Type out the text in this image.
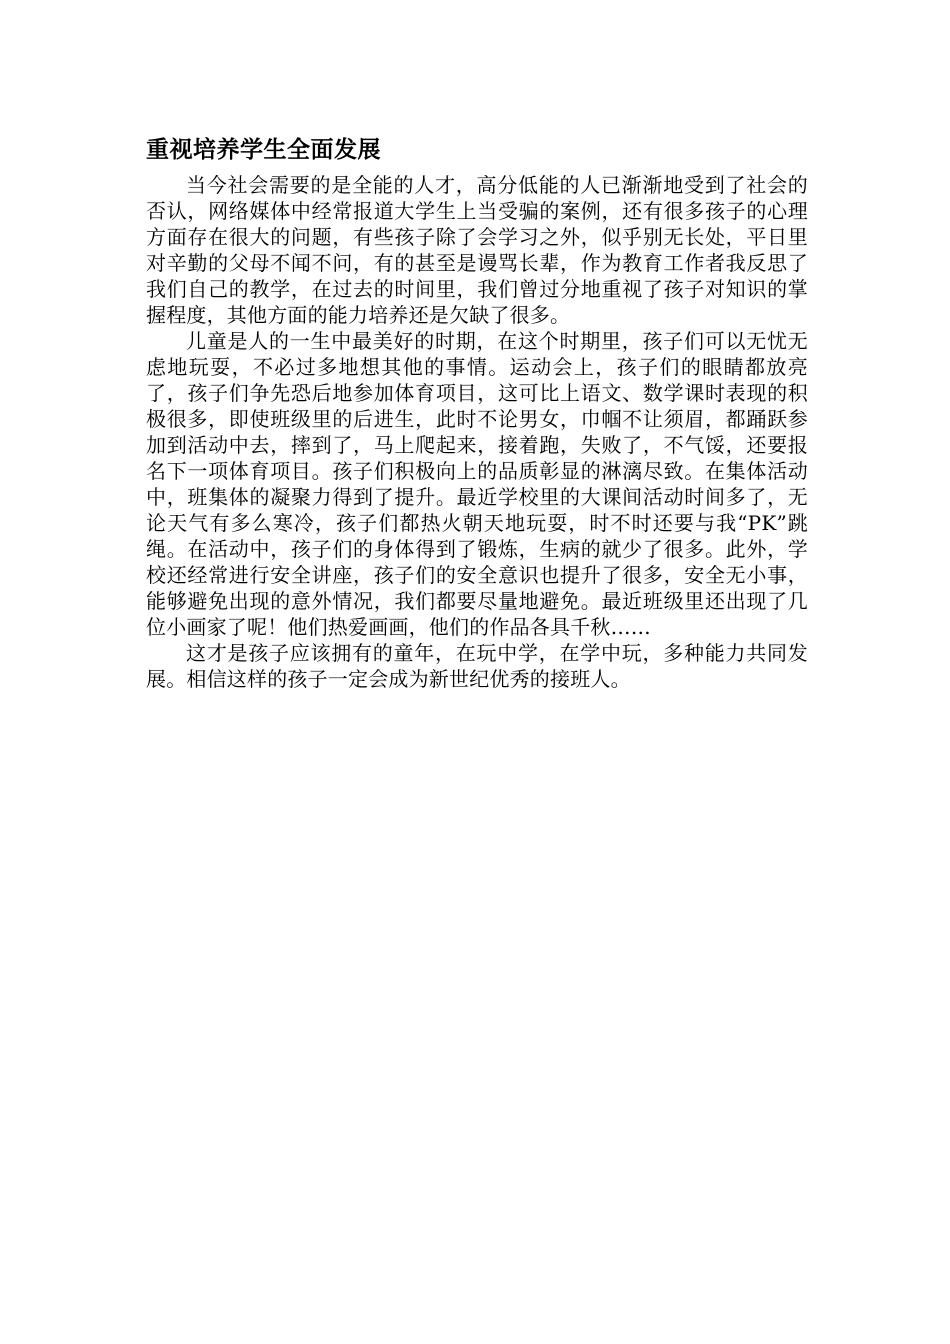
重视培养学生全面发展

当今社会需要的是全能的人才，高分低能的人已渐渐地受到了社会的否认，网络媒体中经常报道大学生上当受骗的案例，还有很多孩子的心理方面存在很大的问题，有些孩子除了会学习之外，似乎别无长处，平日里对辛勤的父母不闻不问，有的甚至是谩骂长辈，作为教育工作者我反思了我们自己的教学，在过去的时间里，我们曾过分地重视了孩子对知识的掌握程度，其他方面的能力培养还是欠缺了很多。

儿童是人的一生中最美好的时期，在这个时期里，孩子们可以无忧无虑地玩耍，不必过多地想其他的事情。运动会上，孩子们的眼睛都放亮了，孩子们争先恐后地参加体育项目，这可比上语文、数学课时表现的积极很多，即使班级里的后进生，此时不论男女，巾帼不让须眉，都踊跃参加到活动中去，摔到了，马上爬起来，接着跑，失败了，不气馁，还要报名下一项体育项目。孩子们积极向上的品质彰显的淋漓尽致。在集体活动中，班集体的凝聚力得到了提升。最近学校里的大课间活动时间多了，无论天气有多么寒冷，孩子们都热火朝天地玩耍，时不时还要与我“PK”跳绳。在活动中，孩子们的身体得到了锻炼，生病的就少了很多。此外，学校还经常进行安全讲座，孩子们的安全意识也提升了很多，安全无小事，能够避免出现的意外情况，我们都要尽量地避免。最近班级里还出现了几位小画家了呢！他们热爱画画，他们的作品各具千秋……

这才是孩子应该拥有的童年，在玩中学，在学中玩，多种能力共同发展。相信这样的孩子一定会成为新世纪优秀的接班人。
